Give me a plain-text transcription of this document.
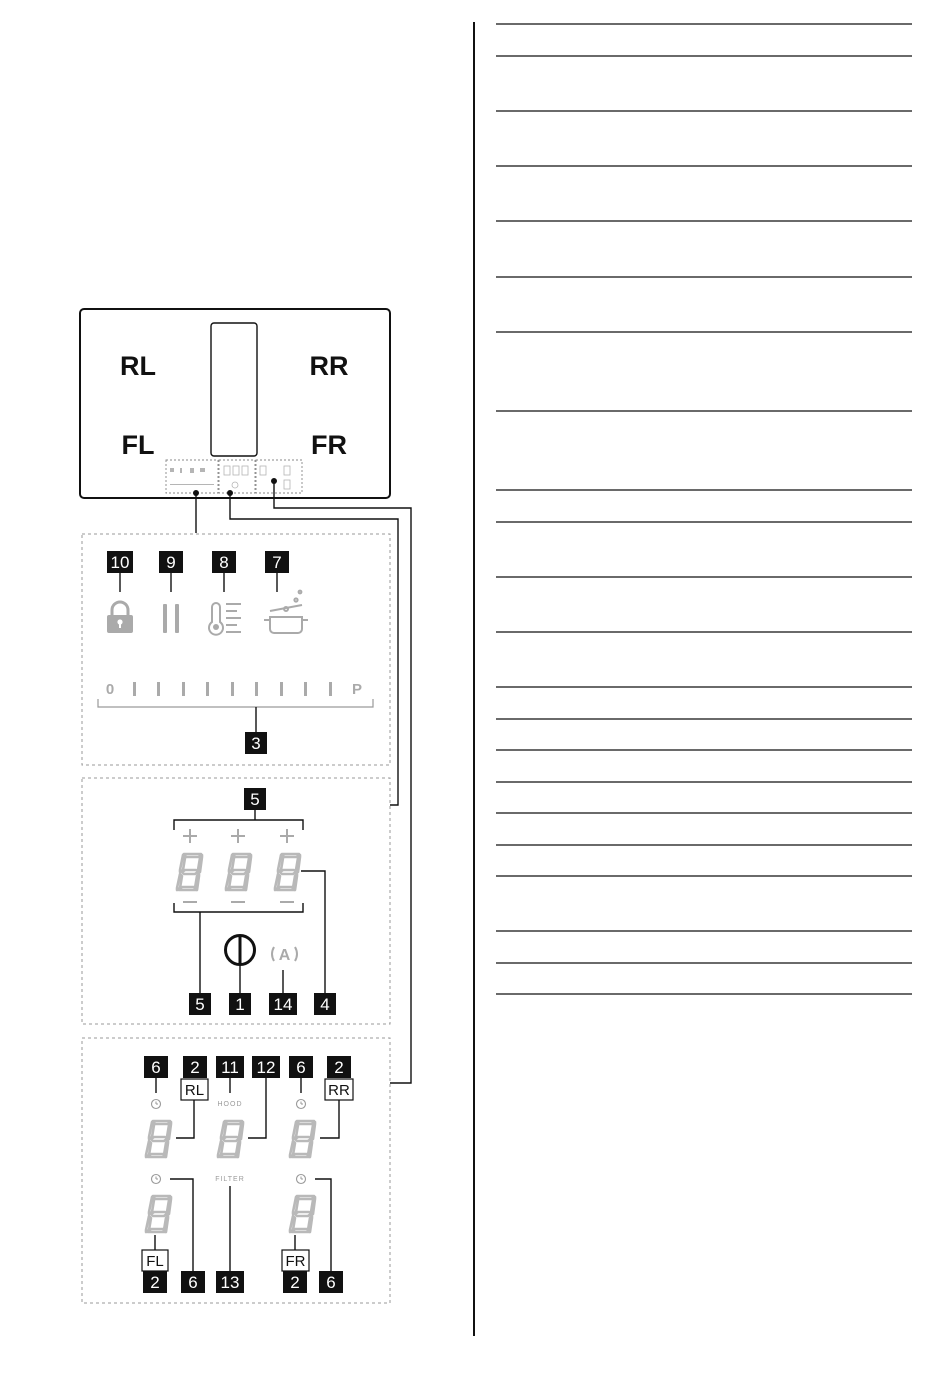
RL	RR
FL	FR
10 9	8	7
0	P
3
5
A
5 1 14 4
6 2 11 12 6 2
RL	RR
HOOD
FILTER
FL	FR
2 6 13	2 6
